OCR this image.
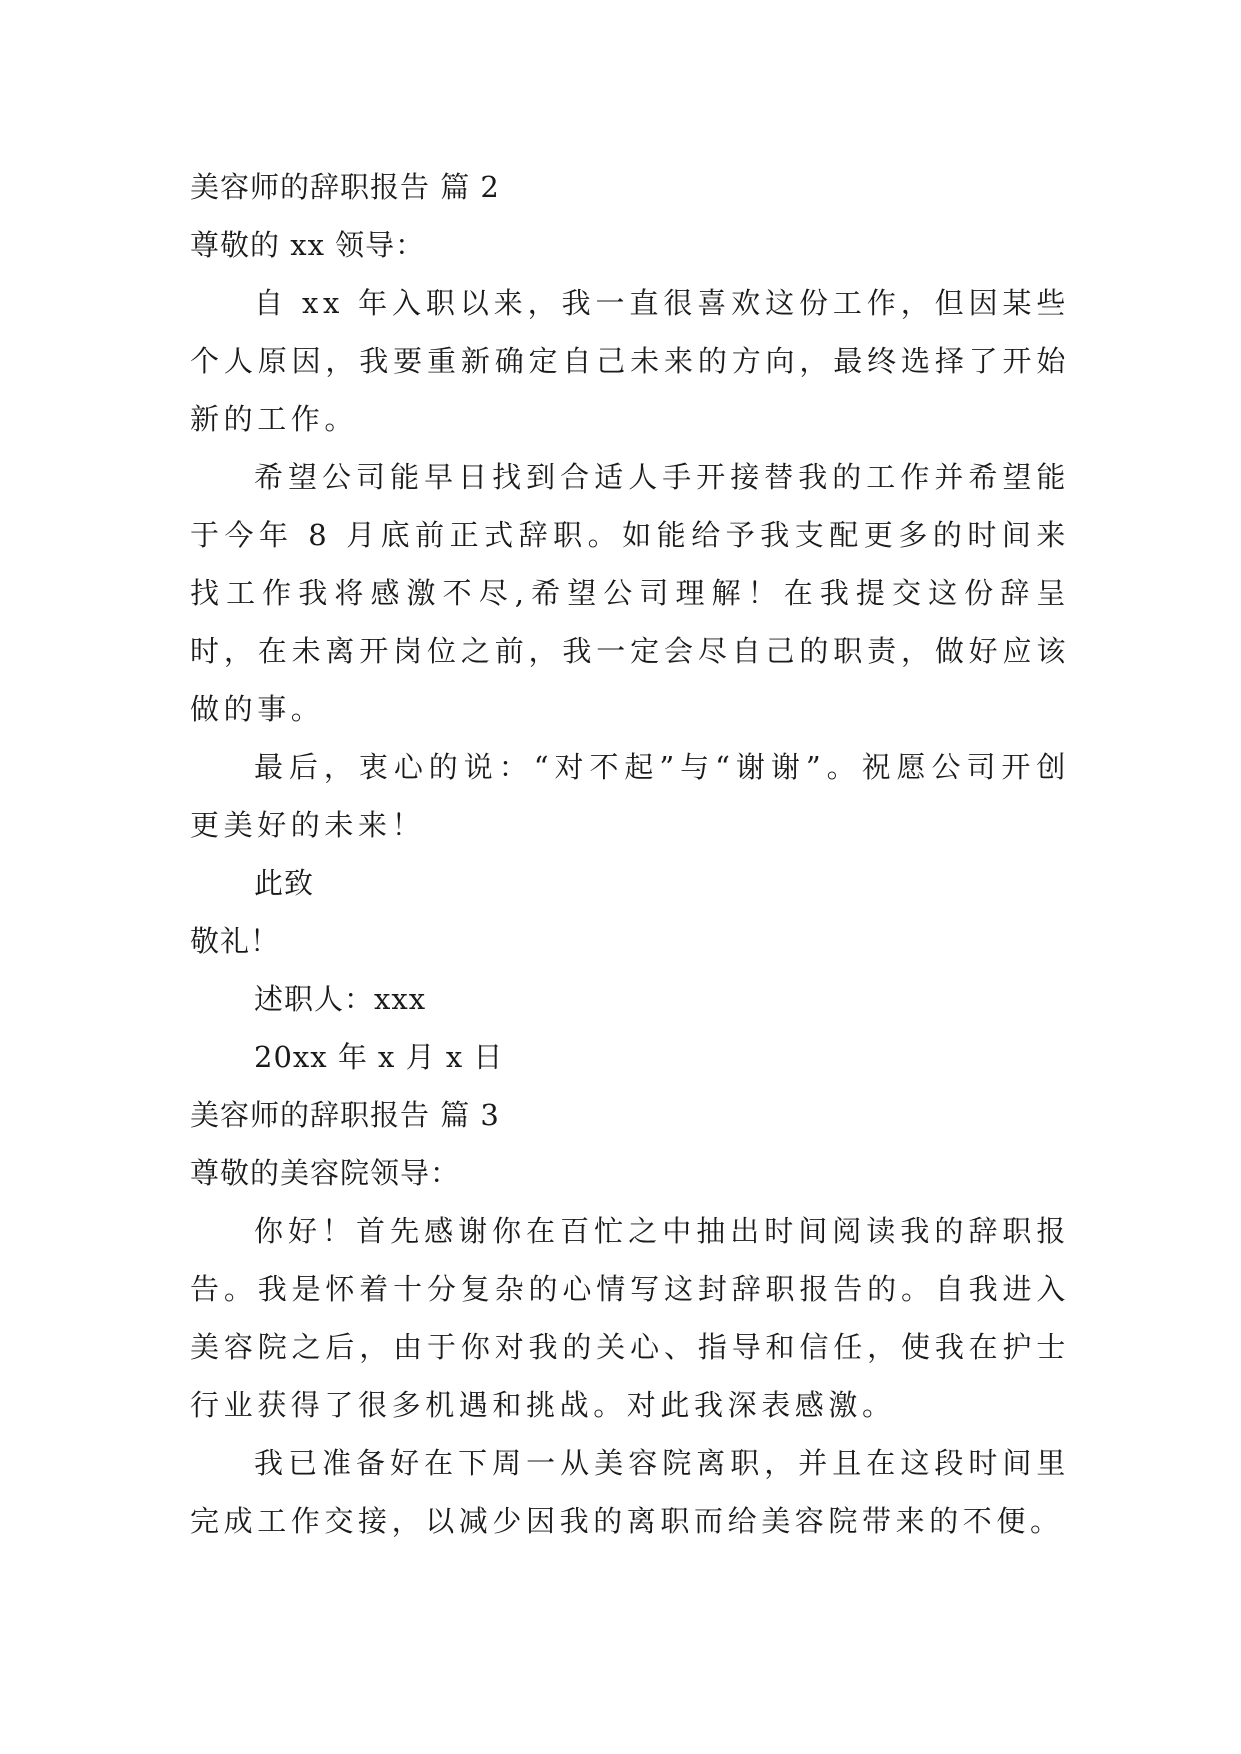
美容师的辞职报告 篇 2
尊敬的 xx 领导：
自 xx 年入职以来，我一直很喜欢这份工作，但因某些个人原因，我要重新确定自己未来的方向，最终选择了开始新的工作。
希望公司能早日找到合适人手开接替我的工作并希望能于今年 8 月底前正式辞职。如能给予我支配更多的时间来找工作我将感激不尽,希望公司理解！在我提交这份辞呈时，在未离开岗位之前，我一定会尽自己的职责，做好应该做的事。
最后，衷心的说：“对不起”与“谢谢”。祝愿公司开创更美好的未来！
此致
敬礼！
述职人：xxx
20xx 年 x 月 x 日
美容师的辞职报告 篇 3
尊敬的美容院领导：
你好！首先感谢你在百忙之中抽出时间阅读我的辞职报告。我是怀着十分复杂的心情写这封辞职报告的。自我进入美容院之后，由于你对我的关心、指导和信任，使我在护士行业获得了很多机遇和挑战。对此我深表感激。
我已准备好在下周一从美容院离职，并且在这段时间里完成工作交接，以减少因我的离职而给美容院带来的不便。
